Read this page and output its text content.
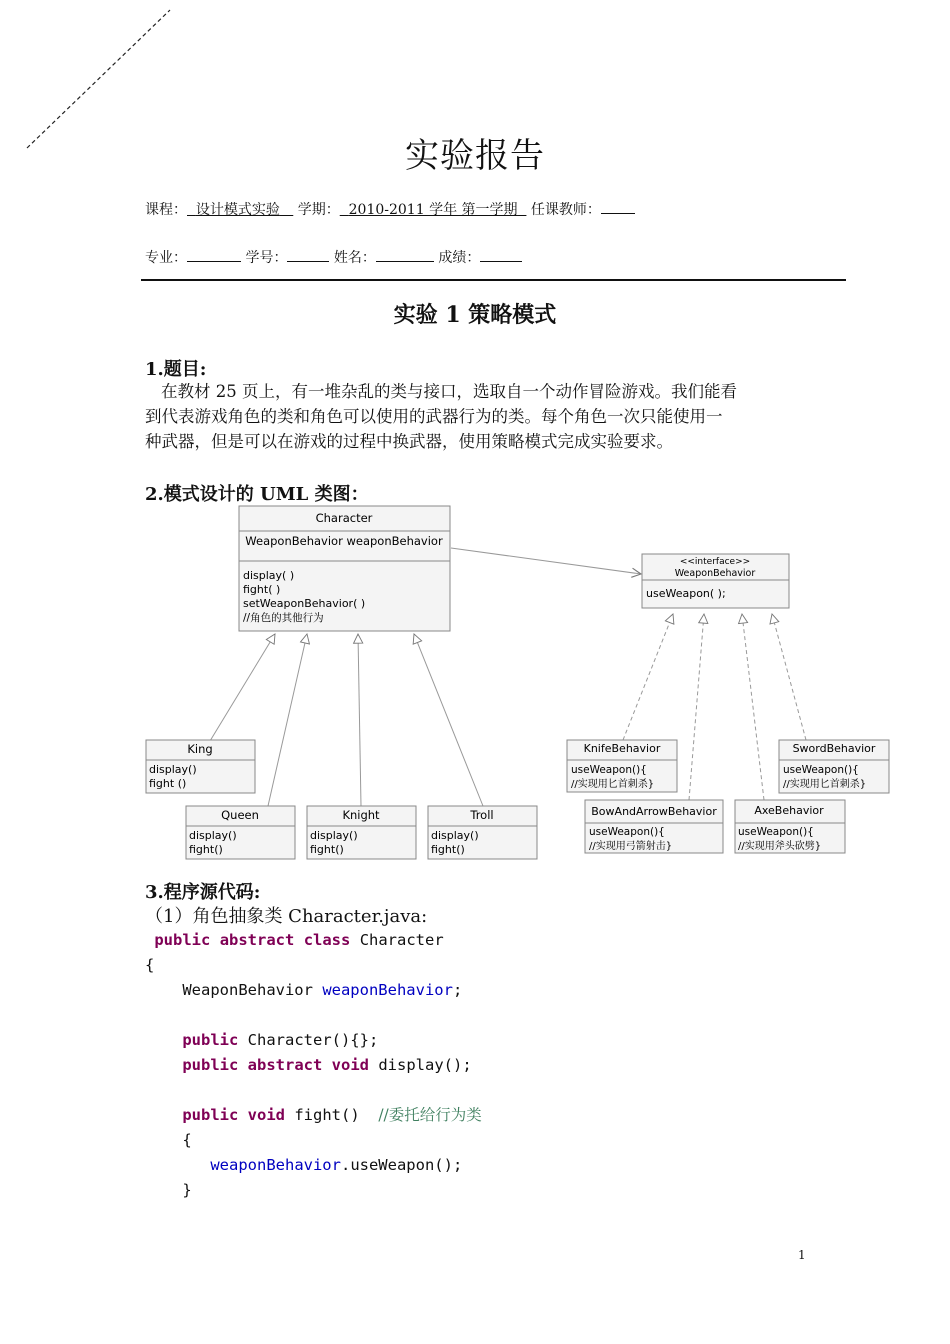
实验报告
课程： 设计模式实验 学期： 2010-2011 学年 第一学期 任课教师：
专业：	学号：	姓名：	成绩：
实验 1 策略模式
1.题目:
在教材 25 页上，有一堆杂乱的类与接口，选取自一个动作冒险游戏。我们能看
到代表游戏角色的类和角色可以使用的武器行为的类。每个角色一次只能使用一
种武器，但是可以在游戏的过程中换武器，使用策略模式完成实验要求。
2.模式设计的 UML 类图：
Character
WeaponBehavior weaponBehavior
display( )
fight( )
setWeaponBehavior( )
//角色的其他行为
<<interface>>
WeaponBehavior
useWeapon( );
King
display()
fight ()
Queen
display()
fight()
Knight
display()
fight()
Troll
display()
fight()
KnifeBehavior
useWeapon(){
//实现用匕首刺杀}
BowAndArrowBehavior
useWeapon(){
//实现用弓箭射击}
AxeBehavior
useWeapon(){
//实现用斧头砍劈}
SwordBehavior
useWeapon(){
//实现用匕首刺杀}
3.程序源代码:
（1）角色抽象类 Character.java:
public abstract class Character
{
WeaponBehavior weaponBehavior;

public Character(){};
public abstract void display();

public void fight()  //委托给行为类
{
weaponBehavior.useWeapon();
}
1
